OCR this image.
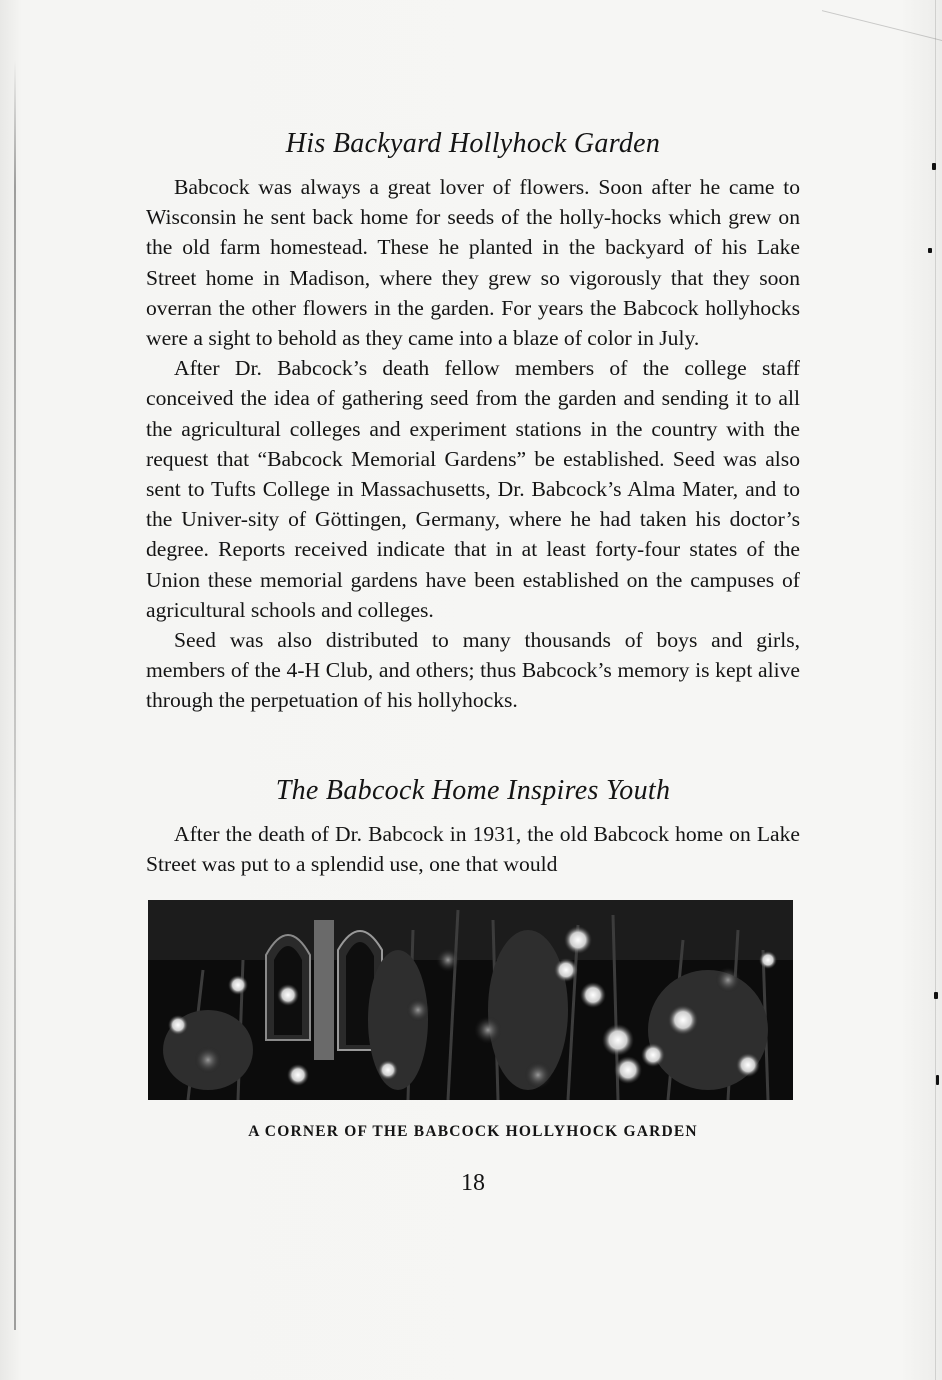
His Backyard Hollyhock Garden

Babcock was always a great lover of flowers. Soon after he came to Wisconsin he sent back home for seeds of the holly-hocks which grew on the old farm homestead. These he planted in the backyard of his Lake Street home in Madison, where they grew so vigorously that they soon overran the other flowers in the garden. For years the Babcock hollyhocks were a sight to behold as they came into a blaze of color in July.

After Dr. Babcock’s death fellow members of the college staff conceived the idea of gathering seed from the garden and sending it to all the agricultural colleges and experiment stations in the country with the request that “Babcock Memorial Gardens” be established. Seed was also sent to Tufts College in Massachusetts, Dr. Babcock’s Alma Mater, and to the Univer-sity of Göttingen, Germany, where he had taken his doctor’s degree. Reports received indicate that in at least forty-four states of the Union these memorial gardens have been established on the campuses of agricultural schools and colleges.

Seed was also distributed to many thousands of boys and girls, members of the 4-H Club, and others; thus Babcock’s memory is kept alive through the perpetuation of his hollyhocks.

The Babcock Home Inspires Youth

After the death of Dr. Babcock in 1931, the old Babcock home on Lake Street was put to a splendid use, one that would

A CORNER OF THE BABCOCK HOLLYHOCK GARDEN
18
